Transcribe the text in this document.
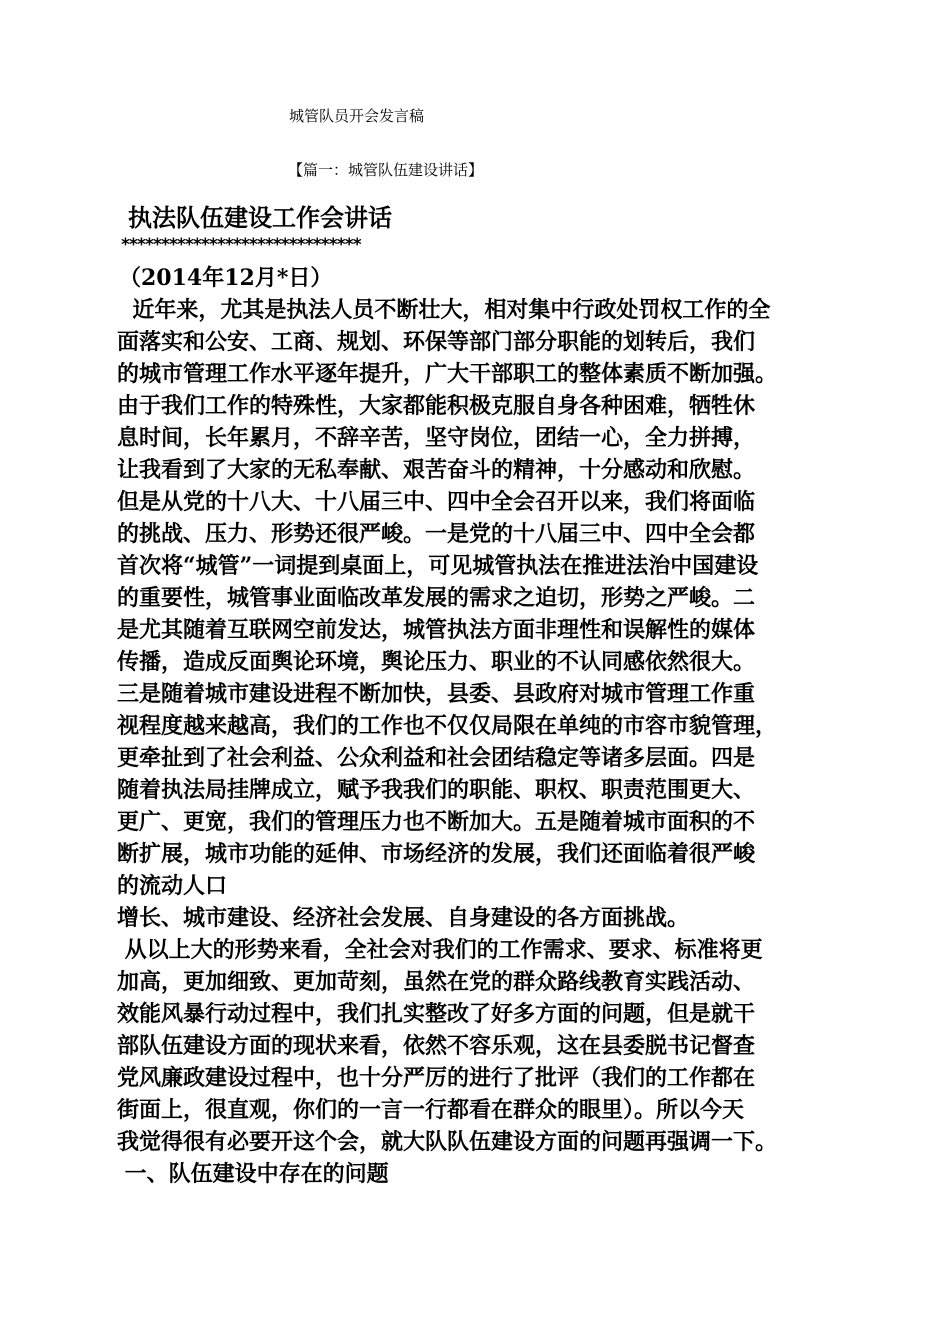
城管队员开会发言稿
【篇一：城管队伍建设讲话】
执法队伍建设工作会讲话
******************************
（2014年12月*日）
近年来，尤其是执法人员不断壮大，相对集中行政处罚权工作的全
面落实和公安、工商、规划、环保等部门部分职能的划转后，我们
的城市管理工作水平逐年提升，广大干部职工的整体素质不断加强。
由于我们工作的特殊性，大家都能积极克服自身各种困难，牺牲休
息时间，长年累月，不辞辛苦，坚守岗位，团结一心，全力拼搏，
让我看到了大家的无私奉献、艰苦奋斗的精神，十分感动和欣慰。
但是从党的十八大、十八届三中、四中全会召开以来，我们将面临
的挑战、压力、形势还很严峻。一是党的十八届三中、四中全会都
首次将“城管”一词提到桌面上，可见城管执法在推进法治中国建设
的重要性，城管事业面临改革发展的需求之迫切，形势之严峻。二
是尤其随着互联网空前发达，城管执法方面非理性和误解性的媒体
传播，造成反面舆论环境，舆论压力、职业的不认同感依然很大。
三是随着城市建设进程不断加快，县委、县政府对城市管理工作重
视程度越来越高，我们的工作也不仅仅局限在单纯的市容市貌管理，
更牵扯到了社会利益、公众利益和社会团结稳定等诸多层面。四是
随着执法局挂牌成立，赋予我我们的职能、职权、职责范围更大、
更广、更宽，我们的管理压力也不断加大。五是随着城市面积的不
断扩展，城市功能的延伸、市场经济的发展，我们还面临着很严峻
的流动人口
增长、城市建设、经济社会发展、自身建设的各方面挑战。
从以上大的形势来看，全社会对我们的工作需求、要求、标准将更
加高，更加细致、更加苛刻，虽然在党的群众路线教育实践活动、
效能风暴行动过程中，我们扎实整改了好多方面的问题，但是就干
部队伍建设方面的现状来看，依然不容乐观，这在县委脱书记督查
党风廉政建设过程中，也十分严厉的进行了批评（我们的工作都在
街面上，很直观，你们的一言一行都看在群众的眼里）。所以今天
我觉得很有必要开这个会，就大队队伍建设方面的问题再强调一下。
一、队伍建设中存在的问题
